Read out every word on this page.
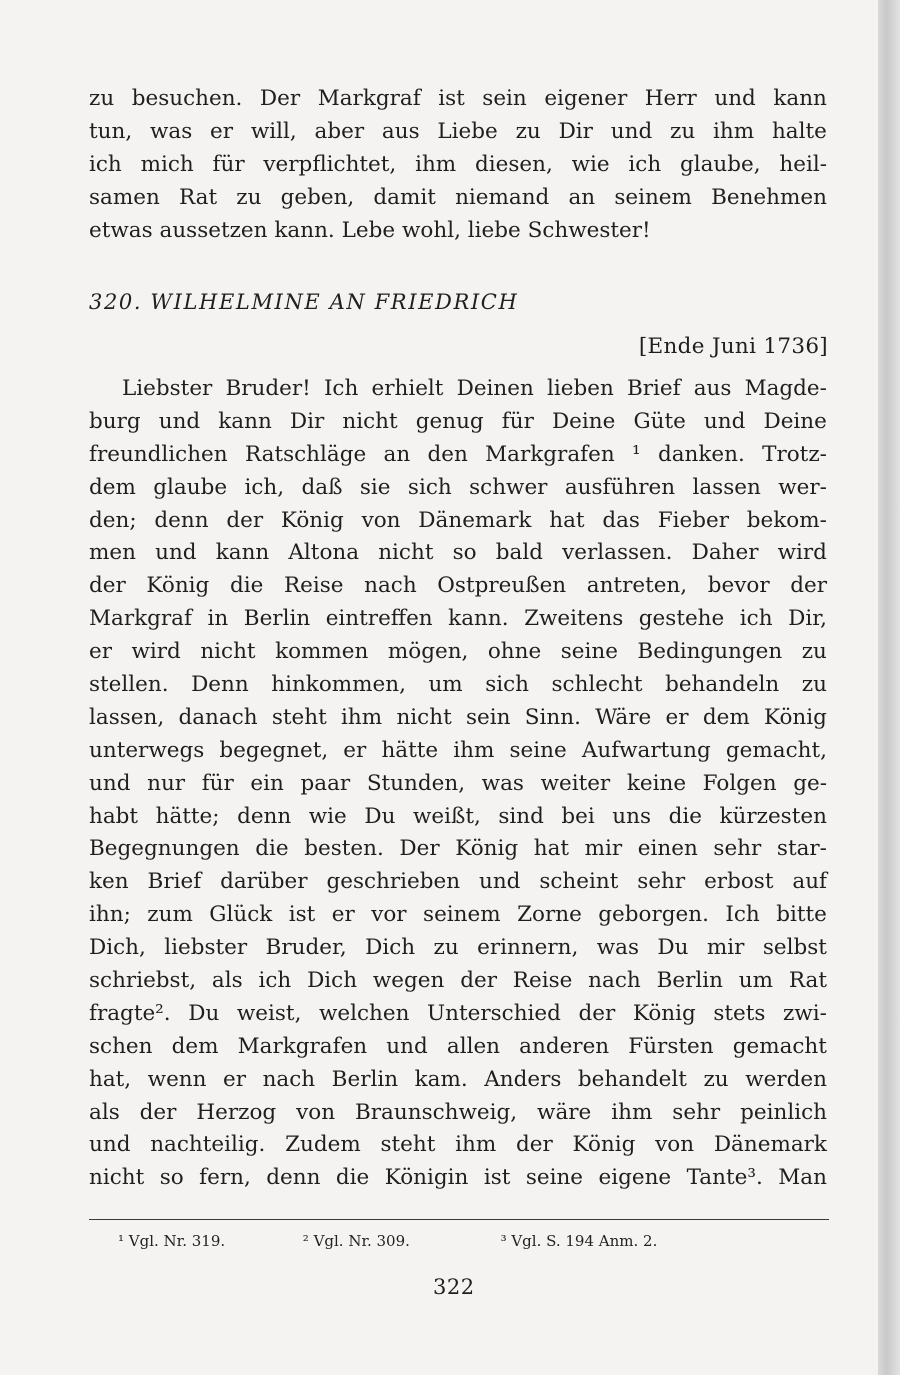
zu besuchen. Der Markgraf ist sein eigener Herr und kann
tun, was er will, aber aus Liebe zu Dir und zu ihm halte
ich mich für verpflichtet, ihm diesen, wie ich glaube, heil-
samen Rat zu geben, damit niemand an seinem Benehmen
etwas aussetzen kann. Lebe wohl, liebe Schwester!
320. WILHELMINE AN FRIEDRICH
[Ende Juni 1736]
Liebster Bruder! Ich erhielt Deinen lieben Brief aus Magde-
burg und kann Dir nicht genug für Deine Güte und Deine
freundlichen Ratschläge an den Markgrafen ¹ danken. Trotz-
dem glaube ich, daß sie sich schwer ausführen lassen wer-
den; denn der König von Dänemark hat das Fieber bekom-
men und kann Altona nicht so bald verlassen. Daher wird
der König die Reise nach Ostpreußen antreten, bevor der
Markgraf in Berlin eintreffen kann. Zweitens gestehe ich Dir,
er wird nicht kommen mögen, ohne seine Bedingungen zu
stellen. Denn hinkommen, um sich schlecht behandeln zu
lassen, danach steht ihm nicht sein Sinn. Wäre er dem König
unterwegs begegnet, er hätte ihm seine Aufwartung gemacht,
und nur für ein paar Stunden, was weiter keine Folgen ge-
habt hätte; denn wie Du weißt, sind bei uns die kürzesten
Begegnungen die besten. Der König hat mir einen sehr star-
ken Brief darüber geschrieben und scheint sehr erbost auf
ihn; zum Glück ist er vor seinem Zorne geborgen. Ich bitte
Dich, liebster Bruder, Dich zu erinnern, was Du mir selbst
schriebst, als ich Dich wegen der Reise nach Berlin um Rat
fragte². Du weist, welchen Unterschied der König stets zwi-
schen dem Markgrafen und allen anderen Fürsten gemacht
hat, wenn er nach Berlin kam. Anders behandelt zu werden
als der Herzog von Braunschweig, wäre ihm sehr peinlich
und nachteilig. Zudem steht ihm der König von Dänemark
nicht so fern, denn die Königin ist seine eigene Tante³. Man
¹ Vgl. Nr. 319.	² Vgl. Nr. 309.	³ Vgl. S. 194 Anm. 2.
322
